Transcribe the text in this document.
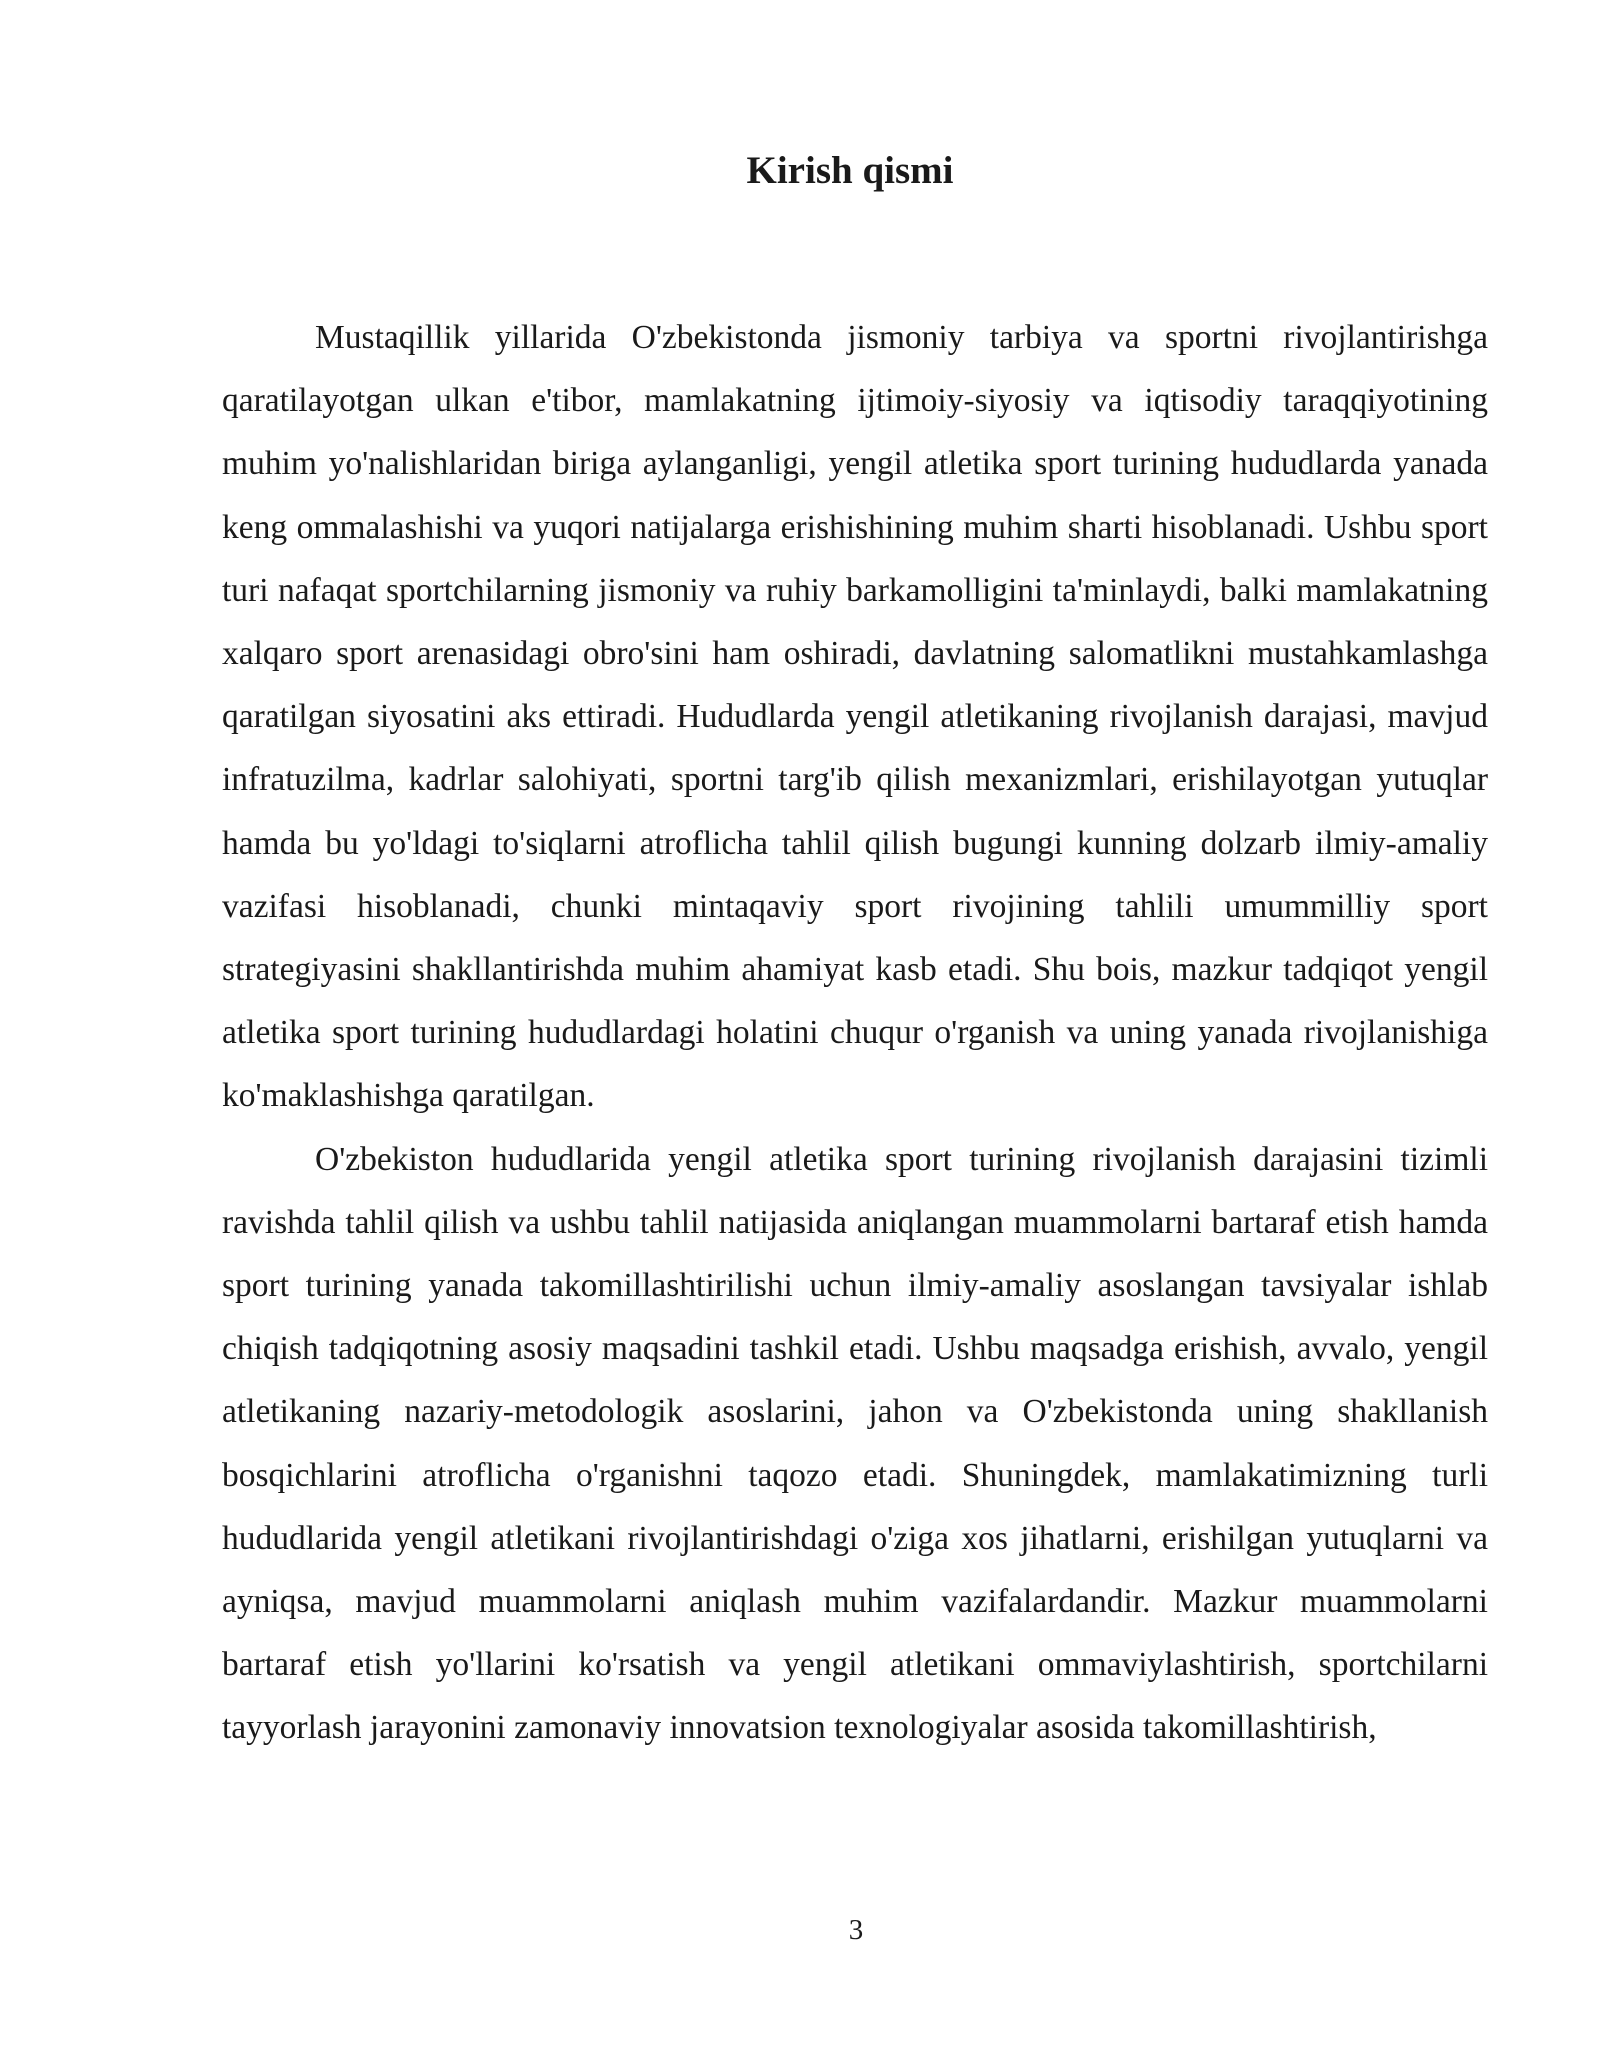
Kirish qismi

Mustaqillik yillarida O'zbekistonda jismoniy tarbiya va sportni rivojlantirishga qaratilayotgan ulkan e'tibor, mamlakatning ijtimoiy-siyosiy va iqtisodiy taraqqiyotining muhim yo'nalishlaridan biriga aylanganligi, yengil atletika sport turining hududlarda yanada keng ommalashishi va yuqori natijalarga erishishining muhim sharti hisoblanadi. Ushbu sport turi nafaqat sportchilarning jismoniy va ruhiy barkamolligini ta'minlaydi, balki mamlakatning xalqaro sport arenasidagi obro'sini ham oshiradi, davlatning salomatlikni mustahkamlashga qaratilgan siyosatini aks ettiradi. Hududlarda yengil atletikaning rivojlanish darajasi, mavjud infratuzilma, kadrlar salohiyati, sportni targ'ib qilish mexanizmlari, erishilayotgan yutuqlar hamda bu yo'ldagi to'siqlarni atroflicha tahlil qilish bugungi kunning dolzarb ilmiy-amaliy vazifasi hisoblanadi, chunki mintaqaviy sport rivojining tahlili umummilliy sport strategiyasini shakllantirishda muhim ahamiyat kasb etadi. Shu bois, mazkur tadqiqot yengil atletika sport turining hududlardagi holatini chuqur o'rganish va uning yanada rivojlanishiga ko'maklashishga qaratilgan.

O'zbekiston hududlarida yengil atletika sport turining rivojlanish darajasini tizimli ravishda tahlil qilish va ushbu tahlil natijasida aniqlangan muammolarni bartaraf etish hamda sport turining yanada takomillashtirilishi uchun ilmiy-amaliy asoslangan tavsiyalar ishlab chiqish tadqiqotning asosiy maqsadini tashkil etadi. Ushbu maqsadga erishish, avvalo, yengil atletikaning nazariy-metodologik asoslarini, jahon va O'zbekistonda uning shakllanish bosqichlarini atroflicha o'rganishni taqozo etadi. Shuningdek, mamlakatimizning turli hududlarida yengil atletikani rivojlantirishdagi o'ziga xos jihatlarni, erishilgan yutuqlarni va ayniqsa, mavjud muammolarni aniqlash muhim vazifalardandir. Mazkur muammolarni bartaraf etish yo'llarini ko'rsatish va yengil atletikani ommaviylashtirish, sportchilarni tayyorlash jarayonini zamonaviy innovatsion texnologiyalar asosida takomillashtirish,

3
